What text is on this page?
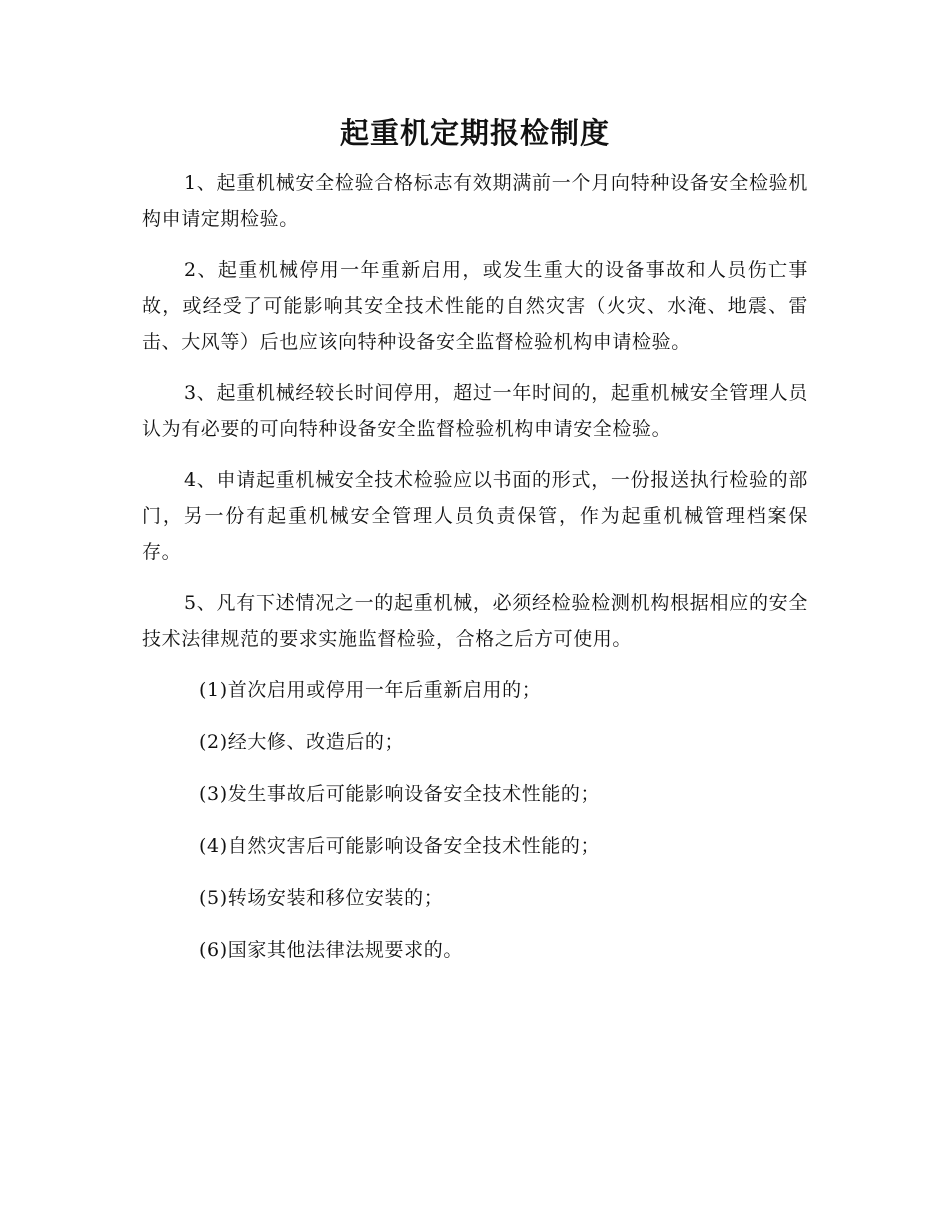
起重机定期报检制度

1、起重机械安全检验合格标志有效期满前一个月向特种设备安全检验机构申请定期检验。

2、起重机械停用一年重新启用，或发生重大的设备事故和人员伤亡事故，或经受了可能影响其安全技术性能的自然灾害（火灾、水淹、地震、雷击、大风等）后也应该向特种设备安全监督检验机构申请检验。

3、起重机械经较长时间停用，超过一年时间的，起重机械安全管理人员认为有必要的可向特种设备安全监督检验机构申请安全检验。

4、申请起重机械安全技术检验应以书面的形式，一份报送执行检验的部门，另一份有起重机械安全管理人员负责保管，作为起重机械管理档案保存。

5、凡有下述情况之一的起重机械，必须经检验检测机构根据相应的安全技术法律规范的要求实施监督检验，合格之后方可使用。

(1)首次启用或停用一年后重新启用的；
(2)经大修、改造后的；
(3)发生事故后可能影响设备安全技术性能的；
(4)自然灾害后可能影响设备安全技术性能的；
(5)转场安装和移位安装的；
(6)国家其他法律法规要求的。
